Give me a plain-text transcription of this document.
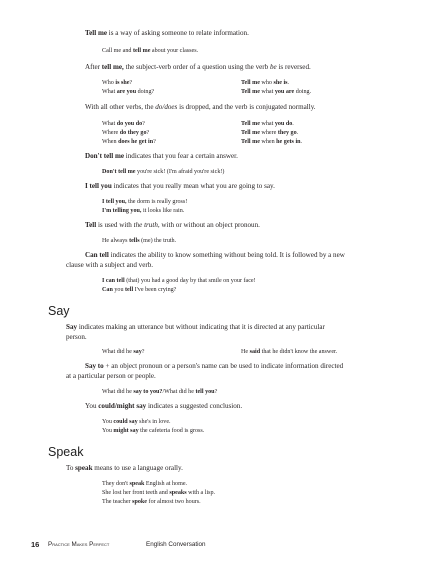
Tell me is a way of asking someone to relate information.
Call me and tell me about your classes.
After tell me, the subject-verb order of a question using the verb be is reversed.
Who is she?
What are you doing?
Tell me who she is.
Tell me what you are doing.
With all other verbs, the do/does is dropped, and the verb is conjugated normally.
What do you do?
Where do they go?
When does he get in?
Tell me what you do.
Tell me where they go.
Tell me when he gets in.
Don't tell me indicates that you fear a certain answer.
Don't tell me you're sick! (I'm afraid you're sick!)
I tell you indicates that you really mean what you are going to say.
I tell you, the dorm is really gross!
I'm telling you, it looks like rain.
Tell is used with the truth, with or without an object pronoun.
He always tells (me) the truth.
Can tell indicates the ability to know something without being told. It is followed by a new
clause with a subject and verb.
I can tell (that) you had a good day by that smile on your face!
Can you tell I've been crying?
Say
Say indicates making an utterance but without indicating that it is directed at any particular
person.
What did he say?	He said that he didn't know the answer.
Say to + an object pronoun or a person's name can be used to indicate information directed
at a particular person or people.
What did he say to you?/What did he tell you?
You could/might say indicates a suggested conclusion.
You could say she's in love.
You might say the cafeteria food is gross.
Speak
To speak means to use a language orally.
They don't speak English at home.
She lost her front teeth and speaks with a lisp.
The teacher spoke for almost two hours.
16 Practice Makes Perfect	English Conversation
